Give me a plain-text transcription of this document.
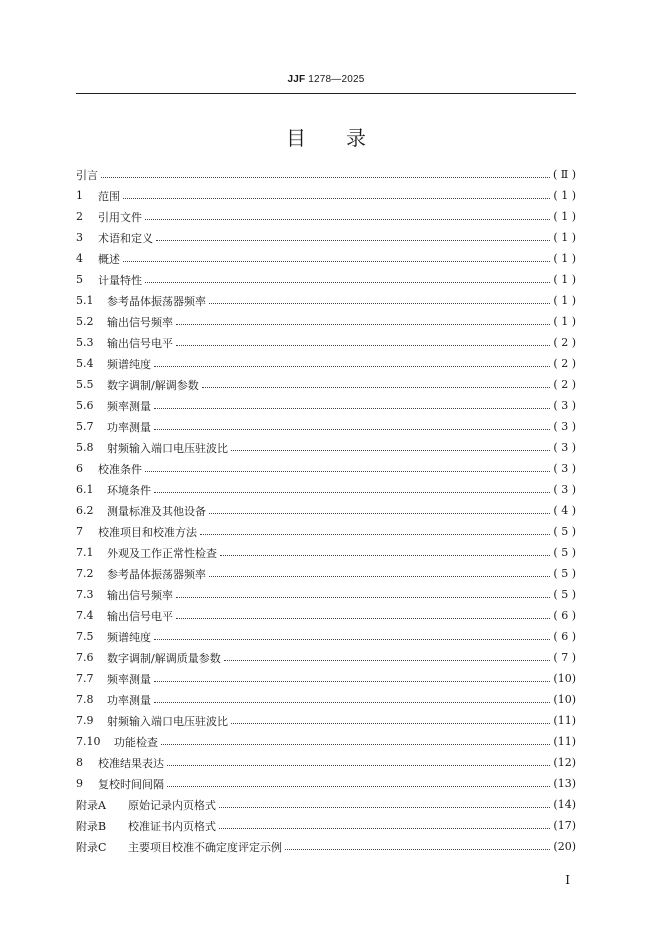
JJF 1278—2025
目录
引言	( Ⅱ )
1	范围	( 1 )
2	引用文件	( 1 )
3	术语和定义	( 1 )
4	概述	( 1 )
5	计量特性	( 1 )
5.1	参考晶体振荡器频率	( 1 )
5.2	输出信号频率	( 1 )
5.3	输出信号电平	( 2 )
5.4	频谱纯度	( 2 )
5.5	数字调制/解调参数	( 2 )
5.6	频率测量	( 3 )
5.7	功率测量	( 3 )
5.8	射频输入端口电压驻波比	( 3 )
6	校准条件	( 3 )
6.1	环境条件	( 3 )
6.2	测量标准及其他设备	( 4 )
7	校准项目和校准方法	( 5 )
7.1	外观及工作正常性检查	( 5 )
7.2	参考晶体振荡器频率	( 5 )
7.3	输出信号频率	( 5 )
7.4	输出信号电平	( 6 )
7.5	频谱纯度	( 6 )
7.6	数字调制/解调质量参数	( 7 )
7.7	频率测量	(10)
7.8	功率测量	(10)
7.9	射频输入端口电压驻波比	(11)
7.10	功能检查	(11)
8	校准结果表达	(12)
9	复校时间间隔	(13)
附录A	原始记录内页格式	(14)
附录B	校准证书内页格式	(17)
附录C	主要项目校准不确定度评定示例	(20)
I
